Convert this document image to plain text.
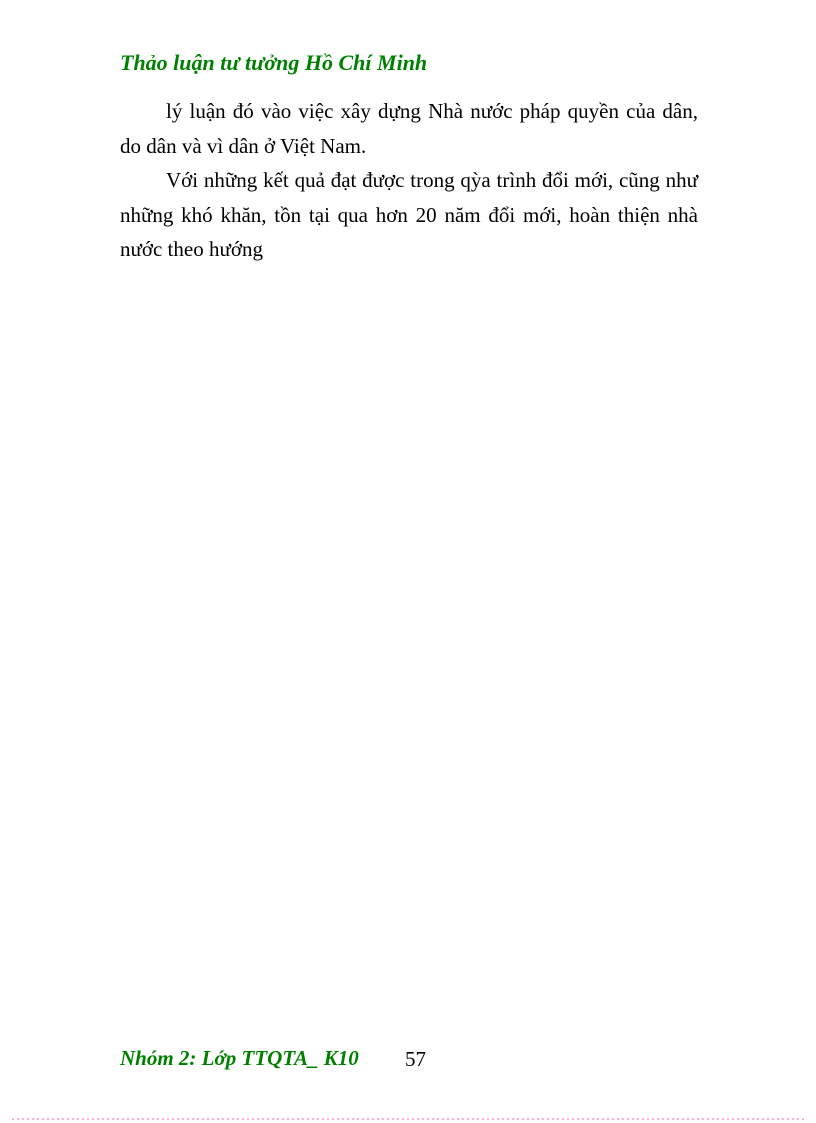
Thảo luận tư tưởng Hồ Chí Minh

lý luận đó vào việc xây dựng Nhà nước pháp quyền của dân, do dân và vì dân ở Việt Nam.

Với những kết quả đạt được trong qỳa trình đổi mới, cũng như những khó khăn, tồn tại qua hơn 20 năm đổi mới, hoàn thiện nhà nước theo hướng

Nhóm 2: Lớp TTQTA_ K10 57
